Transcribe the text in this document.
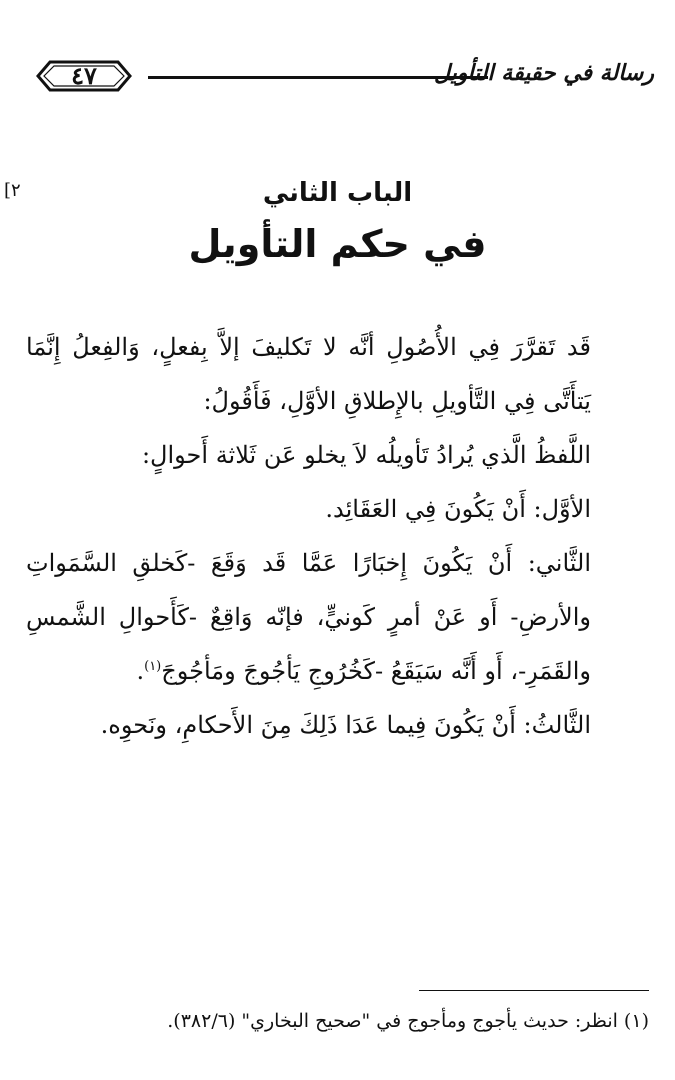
٤٧	رسالة في حقيقة التأويل
٢]	الباب الثاني
في حكم التأويل

قَد تَقرَّرَ فِي الأُصُولِ أنَّه لا تَكليفَ إلاَّ بِفعلٍ، وَالفِعلُ إِنَّمَا يَتأَتَّى فِي التَّأويلِ بالإِطلاقِ الأوَّلِ، فَأَقُولُ:

اللَّفظُ الَّذي يُرادُ تَأويلُه لاَ يخلو عَن ثَلاثة أَحوالٍ:

الأوَّل: أَنْ يَكُونَ فِي العَقَائِد.

الثَّاني: أَنْ يَكُونَ إِخبَارًا عَمَّا قَد وَقَعَ -كَخلقِ السَّمَواتِ والأرضِ- أَو عَنْ أمرٍ كَونيٍّ، فإنّه وَاقِعٌ -كَأَحوالِ الشَّمسِ والقَمَرِ-، أَو أَنَّه سَيَقَعُ -كَخُرُوجِ يَأجُوجَ ومَأجُوجَ$^{(١)}$.

الثَّالثُ: أَنْ يَكُونَ فِيما عَدَا ذَلِكَ مِنَ الأَحكامِ، ونَحوِه.

(١) انظر: حديث يأجوج ومأجوج في "صحيح البخاري" (٣٨٢/٦).
